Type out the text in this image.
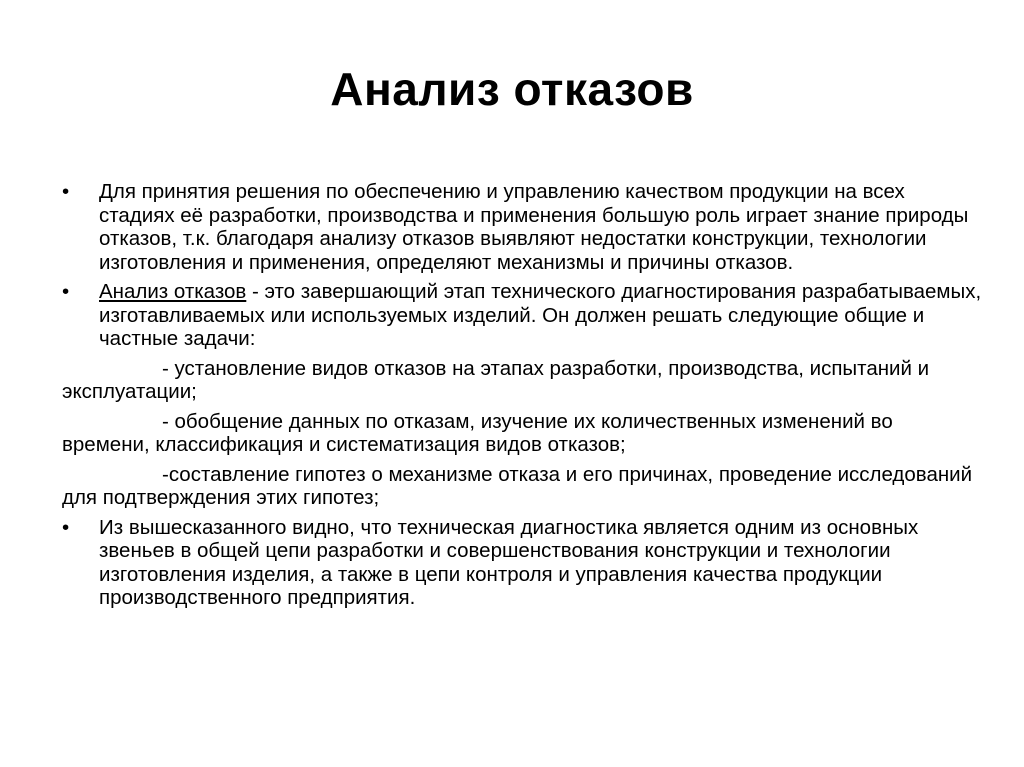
Анализ отказов
•	Для принятия решения по обеспечению и управлению качеством продукции на всех стадиях её разработки, производства и применения большую роль играет знание природы отказов, т.к. благодаря анализу отказов выявляют недостатки конструкции, технологии изготовления и применения, определяют механизмы и причины отказов.
•	Анализ отказов - это завершающий этап технического диагностирования разрабатываемых, изготавливаемых или используемых изделий. Он должен решать следующие общие и частные задачи:
- установление видов отказов на этапах разработки, производства, испытаний и эксплуатации;
- обобщение данных по отказам, изучение их количественных изменений во времени, классификация и систематизация видов отказов;
-составление гипотез о механизме отказа и его причинах, проведение исследований для подтверждения этих гипотез;
•	Из вышесказанного видно, что техническая диагностика является одним из основных звеньев в общей цепи разработки и совершенствования конструкции и технологии изготовления изделия, а также в цепи контроля и управления качества продукции производственного предприятия.
